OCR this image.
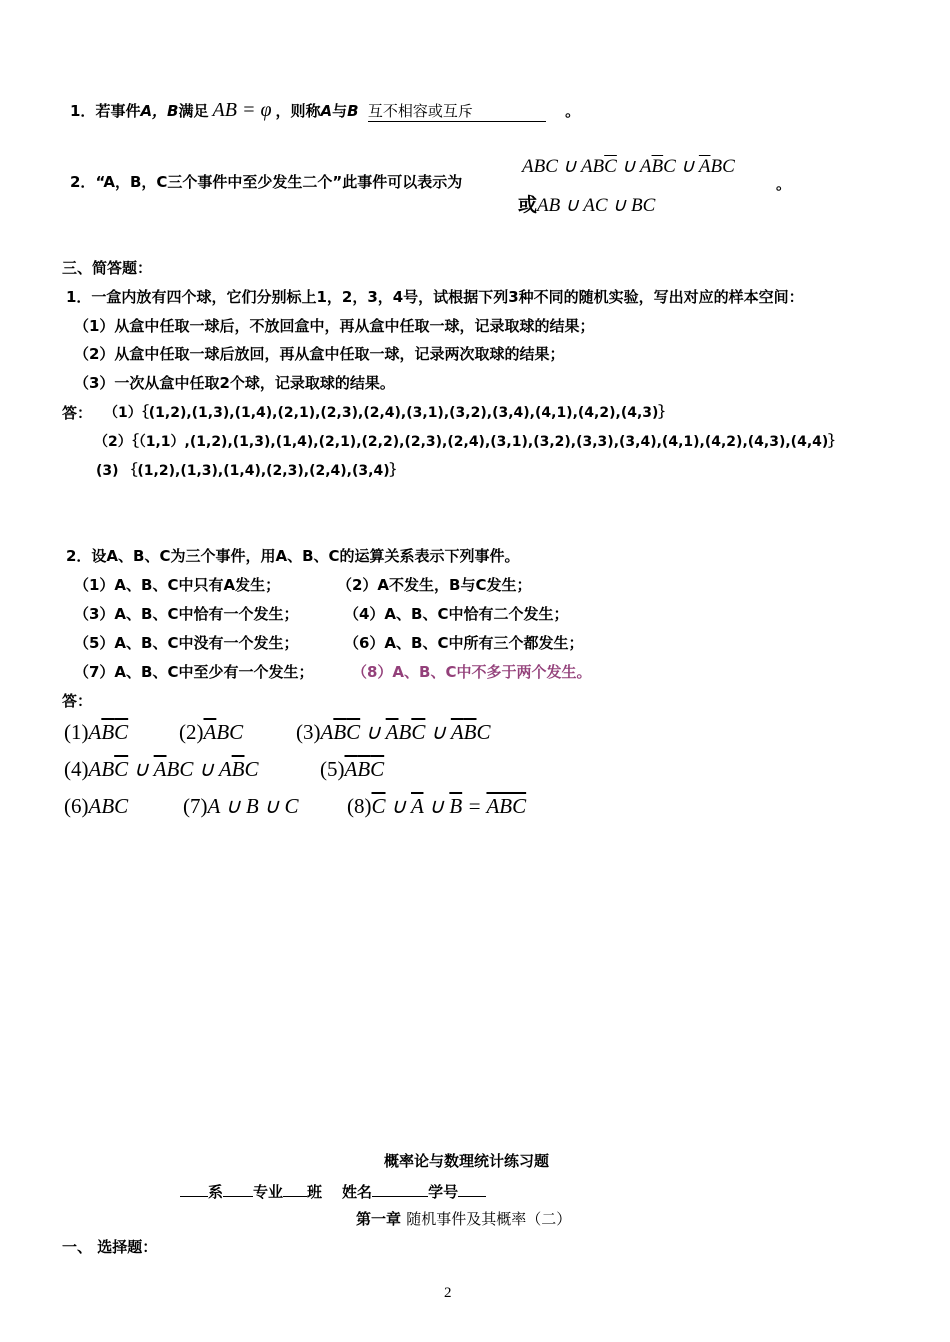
1．若事件A，B满足 AB = φ ，则称A与B 互不相容或互斥	。
2．“A，B，C三个事件中至少发生二个”此事件可以表示为
ABC ∪ $AB\overline{C}$ ∪ $A\overline{B}C$ ∪ $\overline{A}BC$
或AB ∪ AC ∪ BC
。
三、简答题：
1．一盒内放有四个球，它们分别标上1，2，3，4号，试根据下列3种不同的随机实验，写出对应的样本空间：
（1）从盒中任取一球后，不放回盒中，再从盒中任取一球，记录取球的结果；
（2）从盒中任取一球后放回，再从盒中任取一球，记录两次取球的结果；
（3）一次从盒中任取2个球，记录取球的结果。
答： （1）｛(1,2),(1,3),(1,4),(2,1),(2,3),(2,4),(3,1),(3,2),(3,4),(4,1),(4,2),(4,3)｝
（2）｛（1,1）,(1,2),(1,3),(1,4),(2,1),(2,2),(2,3),(2,4),(3,1),(3,2),(3,3),(3,4),(4,1),(4,2),(4,3),(4,4)｝
(3) ｛(1,2),(1,3),(1,4),(2,3),(2,4),(3,4)｝
2．设A、B、C为三个事件，用A、B、C的运算关系表示下列事件。
（1）A、B、C中只有A发生；	（2）A不发生，B与C发生；
（3）A、B、C中恰有一个发生；	（4）A、B、C中恰有二个发生；
（5）A、B、C中没有一个发生；	（6）A、B、C中所有三个都发生；
（7）A、B、C中至少有一个发生；	（8）A、B、C中不多于两个发生。
答：
$(1)A\overline{B}\overline{C}$ $(2)\overline{A}BC$	$(3)A\overline{B}\overline{C}$ ∪ $\overline{A}B\overline{C}$ ∪ $\overline{A}\overline{B}C$
$(4)AB\overline{C}$ ∪ $\overline{A}BC$ ∪ $A\overline{B}C$	$(5)\overline{A}\overline{B}\overline{C}$
(6)ABC	(7)A ∪ B ∪ C $(8)\overline{C}$ ∪ $\overline{A}$ ∪ $\overline{B} = \overline{ABC}$
概率论与数理统计练习题
系 专业 班 姓名	学号
第一章 随机事件及其概率（二）
一、 选择题：
2
